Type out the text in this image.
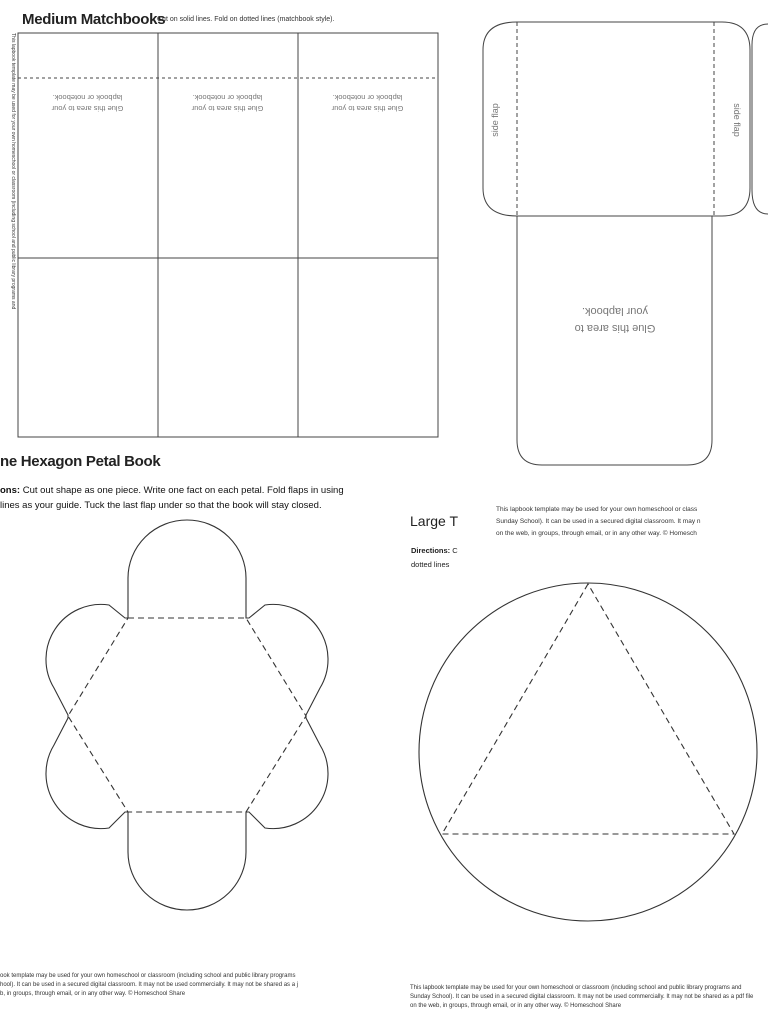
Medium Matchbooks
Cut on solid lines. Fold on dotted lines (matchbook style).
This lapbook template may be used for your own homeschool or classroom (including school and public library programs and	Glue this area to your
lapbook or notebook.
Glue this area to your
lapbook or notebook.
Glue this area to your
lapbook or notebook.
side flap	side flap
Glue this area to
your lapbook.
This lapbook template may be used for your own homeschool or class
Sunday School). It can be used in a secured digital classroom. It may n
on the web, in groups, through email, or in any other way. © Homesch
ne Hexagon Petal Book
ons: Cut out shape as one piece. Write one fact on each petal. Fold flaps in using
lines as your guide. Tuck the last flap under so that the book will stay closed.
Large T
Directions: C
dotted lines
ook template may be used for your own homeschool or classroom (including school and public library programs
hool). It can be used in a secured digital classroom. It may not be used commercially. It may not be shared as a j
b, in groups, through email, or in any other way. © Homeschool Share
This lapbook template may be used for your own homeschool or classroom (including school and public library programs and
Sunday School). It can be used in a secured digital classroom. It may not be used commercially. It may not be shared as a pdf file
on the web, in groups, through email, or in any other way. © Homeschool Share
